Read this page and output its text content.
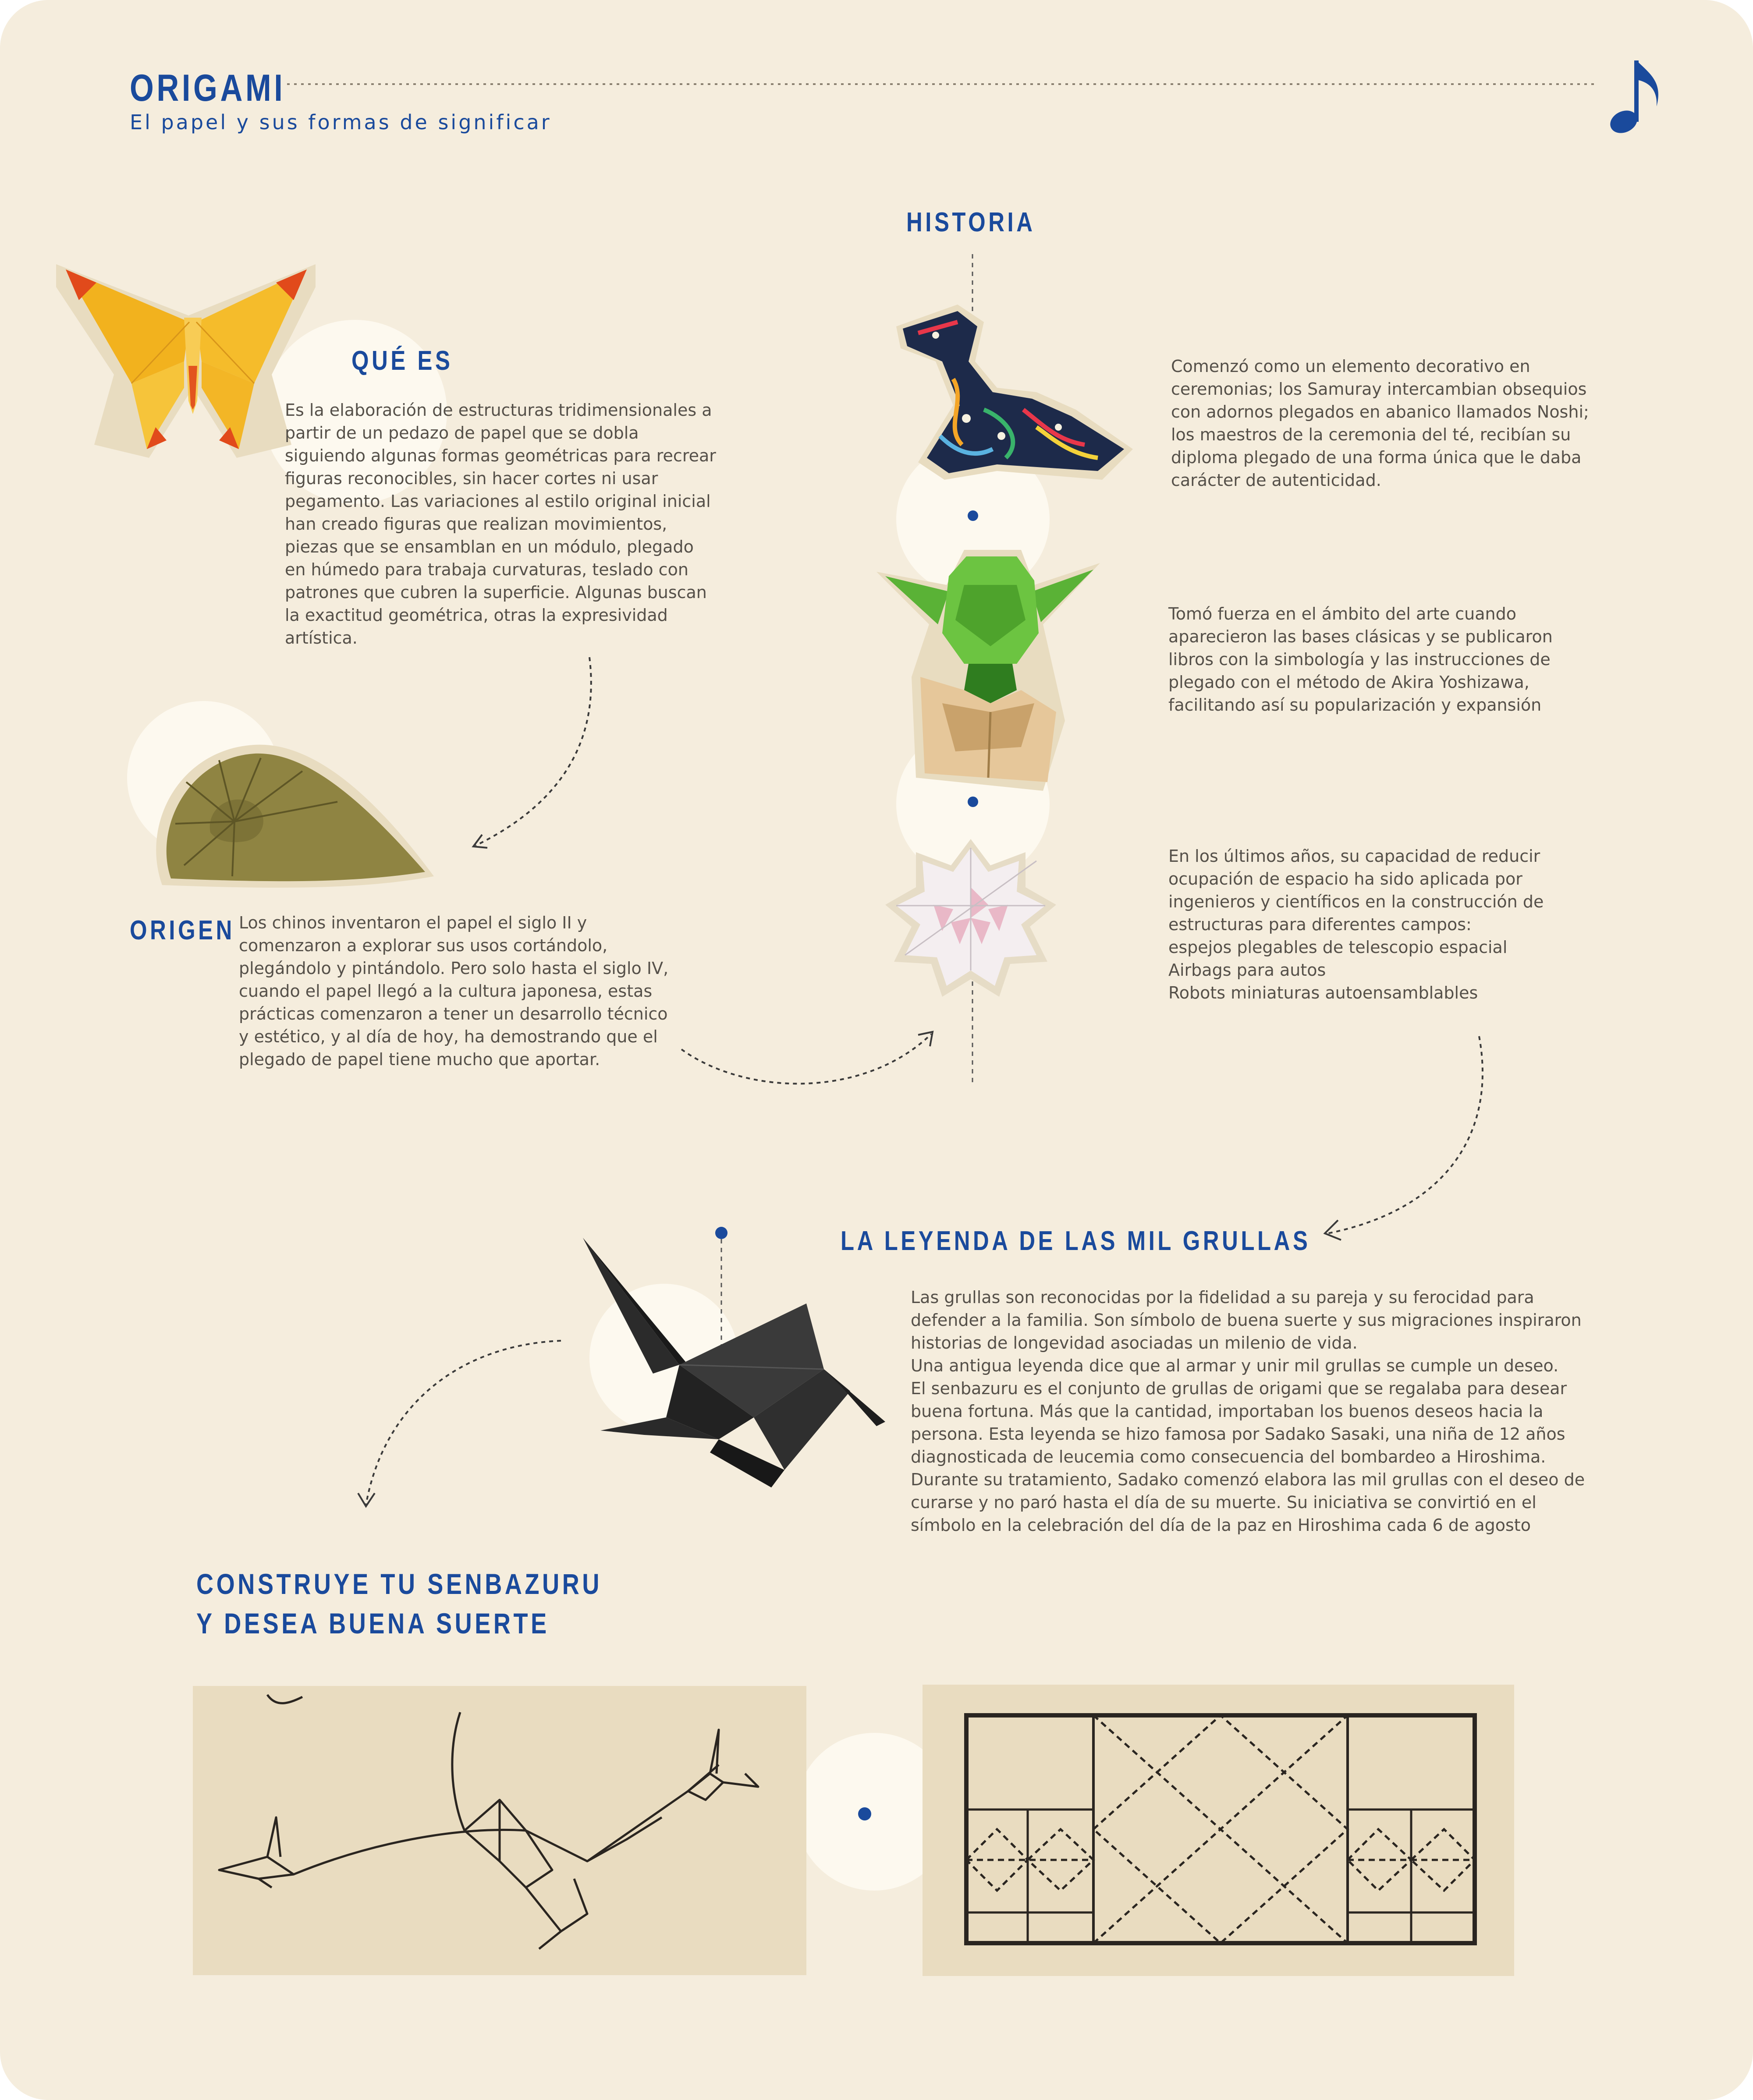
ORIGAMI
El papel y sus formas de significar
QUÉ ES
Es la elaboración de estructuras tridimensionales a partir de un pedazo de papel que se dobla siguiendo algunas formas geométricas para recrear figuras reconocibles, sin hacer cortes ni usar pegamento. Las variaciones al estilo original inicial han creado figuras que realizan movimientos, piezas que se ensamblan en un módulo, plegado en húmedo para trabaja curvaturas, teslado con patrones que cubren la superficie. Algunas buscan la exactitud geométrica, otras la expresividad artística.
ORIGEN Los chinos inventaron el papel el siglo II y comenzaron a explorar sus usos cortándolo, plegándolo y pintándolo. Pero solo hasta el siglo IV, cuando el papel llegó a la cultura japonesa, estas prácticas comenzaron a tener un desarrollo técnico y estético, y al día de hoy, ha demostrando que el plegado de papel tiene mucho que aportar.
HISTORIA
Comenzó como un elemento decorativo en ceremonias; los Samuray intercambian obsequios con adornos plegados en abanico llamados Noshi; los maestros de la ceremonia del té, recibían su diploma plegado de una forma única que le daba carácter de autenticidad.
Tomó fuerza en el ámbito del arte cuando aparecieron las bases clásicas y se publicaron libros con la simbología y las instrucciones de plegado con el método de Akira Yoshizawa, facilitando así su popularización y expansión

En los últimos años, su capacidad de reducir ocupación de espacio ha sido aplicada por ingenieros y científicos en la construcción de estructuras para diferentes campos:

espejos plegables de telescopio espacial

Airbags para autos

Robots miniaturas autoensamblables

LA LEYENDA DE LAS MIL GRULLAS

Las grullas son reconocidas por la fidelidad a su pareja y su ferocidad para defender a la familia. Son símbolo de buena suerte y sus migraciones inspiraron historias de longevidad asociadas un milenio de vida.

Una antigua leyenda dice que al armar y unir mil grullas se cumple un deseo.

El senbazuru es el conjunto de grullas de origami que se regalaba para desear buena fortuna. Más que la cantidad, importaban los buenos deseos hacia la persona. Esta leyenda se hizo famosa por Sadako Sasaki, una niña de 12 años diagnosticada de leucemia como consecuencia del bombardeo a Hiroshima. Durante su tratamiento, Sadako comenzó elabora las mil grullas con el deseo de curarse y no paró hasta el día de su muerte. Su iniciativa se convirtió en el símbolo en la celebración del día de la paz en Hiroshima cada 6 de agosto

CONSTRUYE TU SENBAZURU
Y DESEA BUENA SUERTE
